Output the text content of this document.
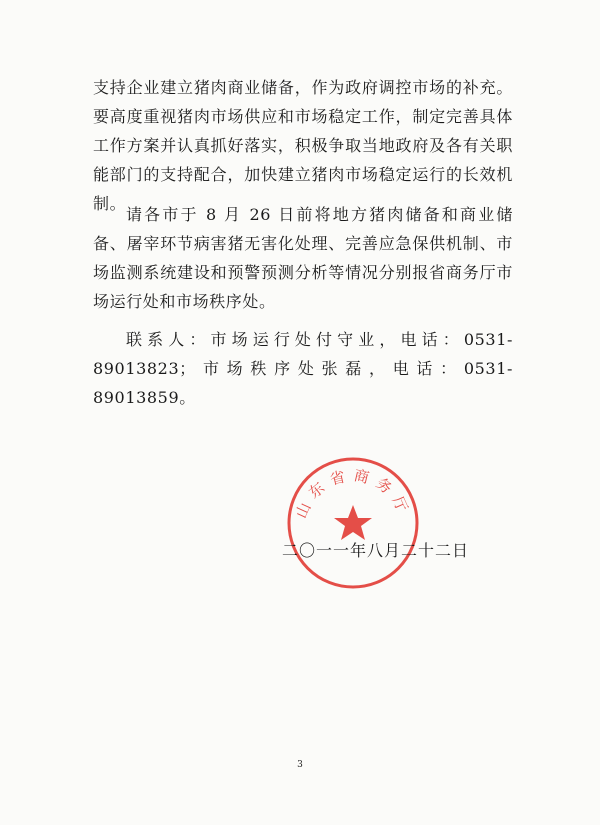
支持企业建立猪肉商业储备，作为政府调控市场的补充。要高度重视猪肉市场供应和市场稳定工作，制定完善具体工作方案并认真抓好落实，积极争取当地政府及各有关职能部门的支持配合，加快建立猪肉市场稳定运行的长效机制。

请各市于 8 月 26 日前将地方猪肉储备和商业储备、屠宰环节病害猪无害化处理、完善应急保供机制、市场监测系统建设和预警预测分析等情况分别报省商务厅市场运行处和市场秩序处。

联系人：市场运行处付守业，电话：0531-89013823；市场秩序处张磊，电话：0531-89013859。

山东省商务厅
二〇一一年八月二十二日
3
